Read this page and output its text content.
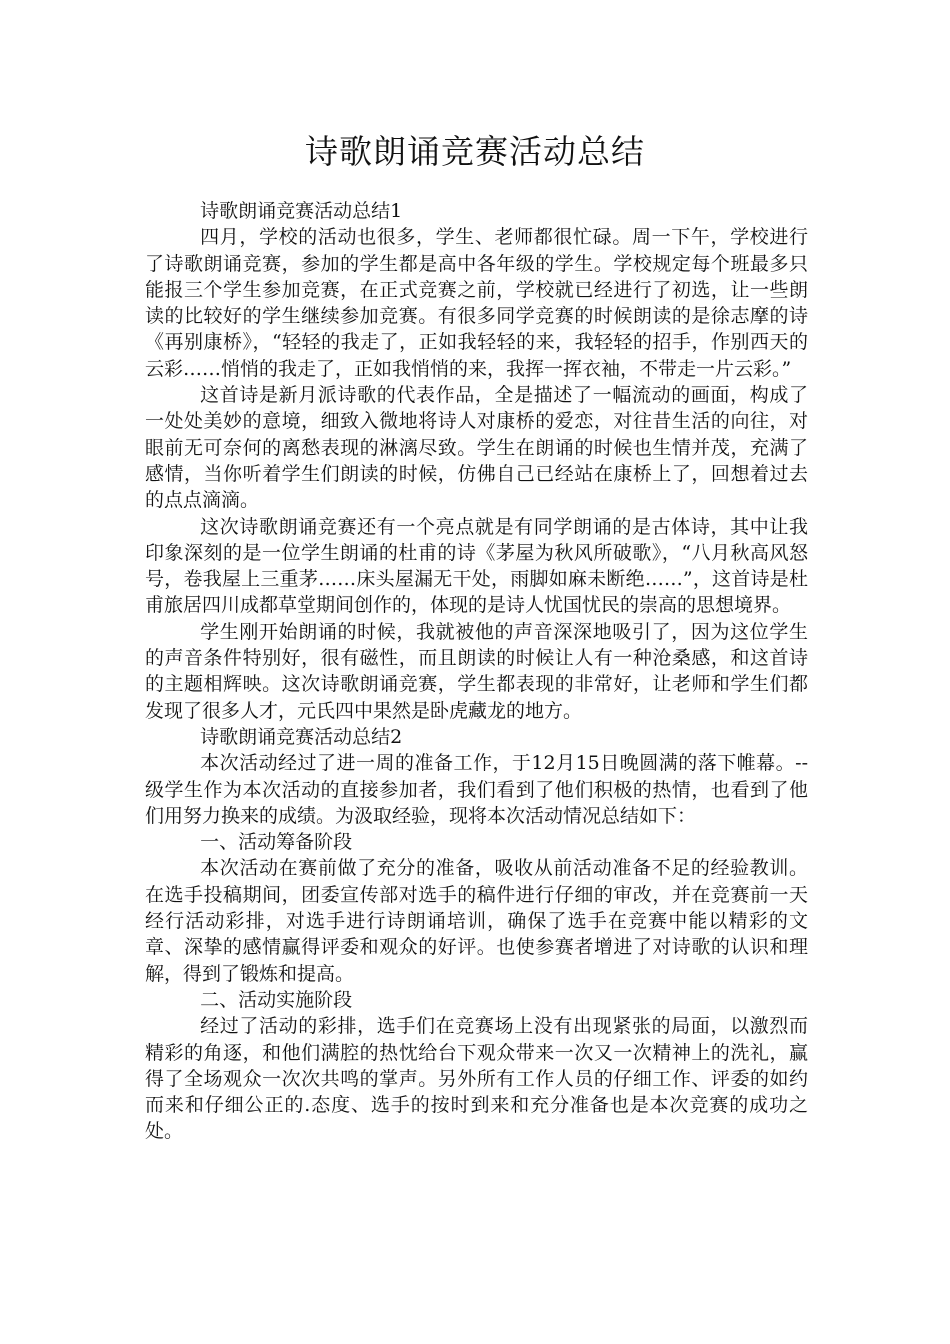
诗歌朗诵竞赛活动总结

诗歌朗诵竞赛活动总结1

四月，学校的活动也很多，学生、老师都很忙碌。周一下午，学校进行了诗歌朗诵竞赛，参加的学生都是高中各年级的学生。学校规定每个班最多只能报三个学生参加竞赛，在正式竞赛之前，学校就已经进行了初选，让一些朗读的比较好的学生继续参加竞赛。有很多同学竞赛的时候朗读的是徐志摩的诗《再别康桥》，“轻轻的我走了，正如我轻轻的来，我轻轻的招手，作别西天的云彩……悄悄的我走了，正如我悄悄的来，我挥一挥衣袖，不带走一片云彩。”

这首诗是新月派诗歌的代表作品，全是描述了一幅流动的画面，构成了一处处美妙的意境，细致入微地将诗人对康桥的爱恋，对往昔生活的向往，对眼前无可奈何的离愁表现的淋漓尽致。学生在朗诵的时候也生情并茂，充满了感情，当你听着学生们朗读的时候，仿佛自己已经站在康桥上了，回想着过去的点点滴滴。

这次诗歌朗诵竞赛还有一个亮点就是有同学朗诵的是古体诗，其中让我印象深刻的是一位学生朗诵的杜甫的诗《茅屋为秋风所破歌》，“八月秋高风怒号，卷我屋上三重茅……床头屋漏无干处，雨脚如麻未断绝……”，这首诗是杜甫旅居四川成都草堂期间创作的，体现的是诗人忧国忧民的崇高的思想境界。

学生刚开始朗诵的时候，我就被他的声音深深地吸引了，因为这位学生的声音条件特别好，很有磁性，而且朗读的时候让人有一种沧桑感，和这首诗的主题相辉映。这次诗歌朗诵竞赛，学生都表现的非常好，让老师和学生们都发现了很多人才，元氏四中果然是卧虎藏龙的地方。

诗歌朗诵竞赛活动总结2

本次活动经过了进一周的准备工作，于12月15日晚圆满的落下帷幕。--级学生作为本次活动的直接参加者，我们看到了他们积极的热情，也看到了他们用努力换来的成绩。为汲取经验，现将本次活动情况总结如下：

一、活动筹备阶段

本次活动在赛前做了充分的准备，吸收从前活动准备不足的经验教训。在选手投稿期间，团委宣传部对选手的稿件进行仔细的审改，并在竞赛前一天经行活动彩排，对选手进行诗朗诵培训，确保了选手在竞赛中能以精彩的文章、深挚的感情赢得评委和观众的好评。也使参赛者增进了对诗歌的认识和理解，得到了锻炼和提高。

二、活动实施阶段

经过了活动的彩排，选手们在竞赛场上没有出现紧张的局面，以激烈而精彩的角逐，和他们满腔的热忱给台下观众带来一次又一次精神上的洗礼，赢得了全场观众一次次共鸣的掌声。另外所有工作人员的仔细工作、评委的如约而来和仔细公正的.态度、选手的按时到来和充分准备也是本次竞赛的成功之处。
